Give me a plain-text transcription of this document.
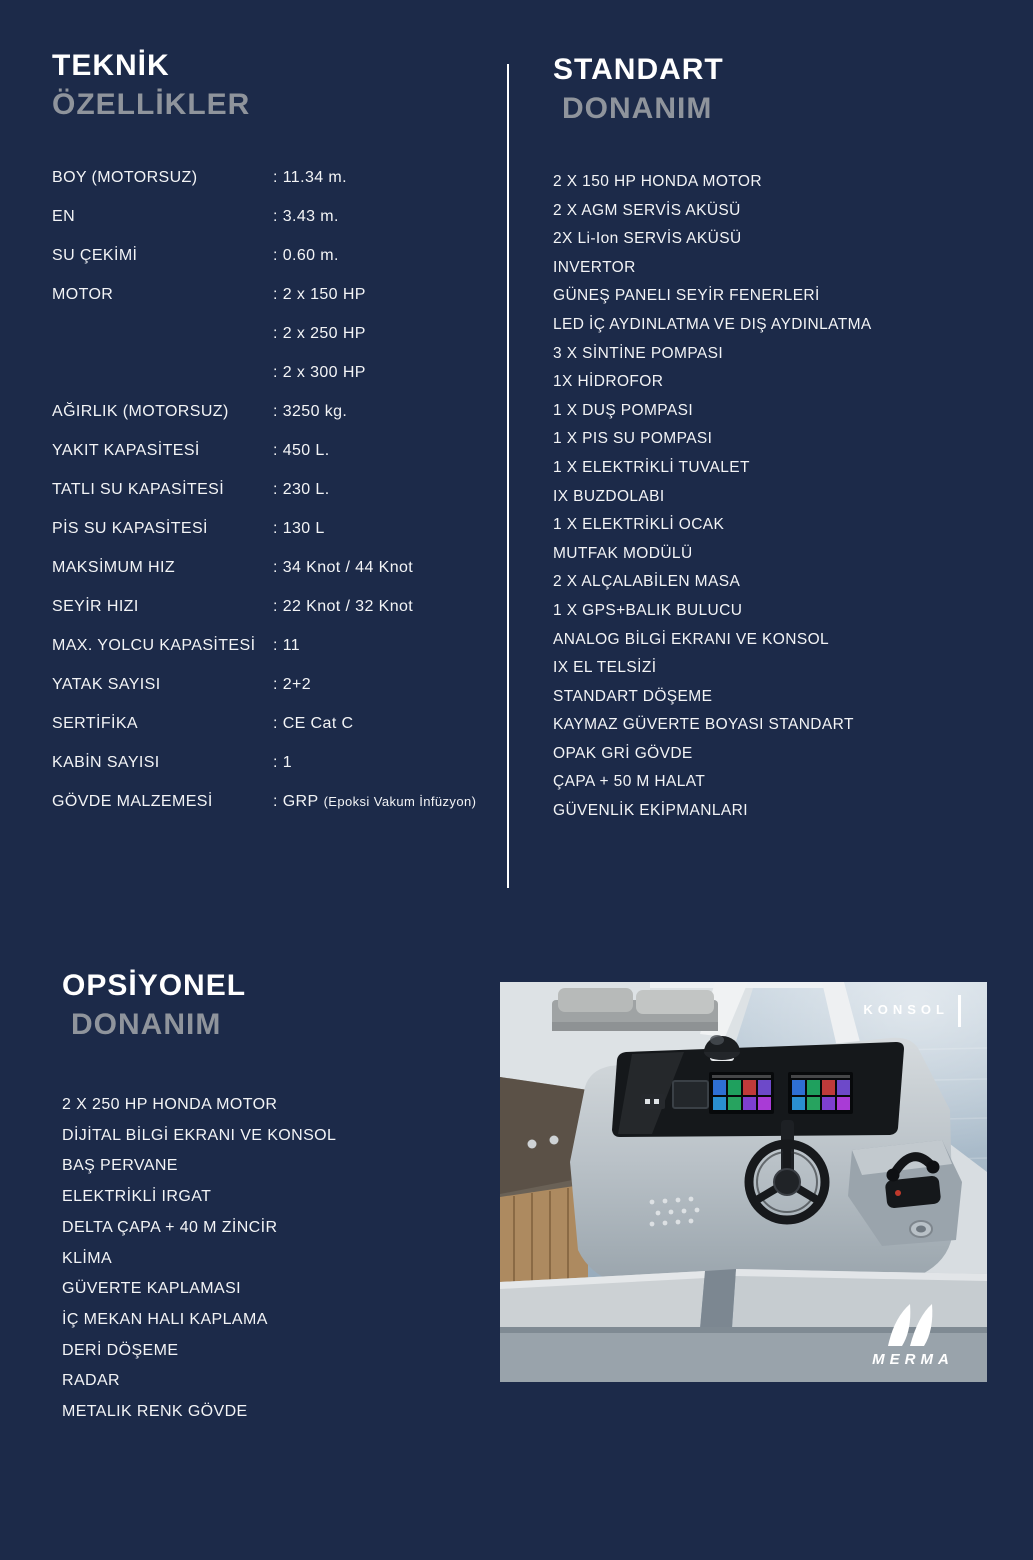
TEKNİK
ÖZELLİKLER
STANDART
DONANIM
BOY (MOTORSUZ)	: 11.34 m.
EN	: 3.43 m.
SU ÇEKİMİ	: 0.60 m.
MOTOR	: 2 x 150 HP
: 2 x 250 HP
: 2 x 300 HP
AĞIRLIK (MOTORSUZ)	: 3250 kg.
YAKIT KAPASİTESİ	: 450 L.
TATLI SU KAPASİTESİ	: 230 L.
PİS SU KAPASİTESİ	: 130 L
MAKSİMUM HIZ	: 34 Knot / 44 Knot
SEYİR HIZI	: 22 Knot / 32 Knot
MAX. YOLCU KAPASİTESİ	: 11
YATAK SAYISI	: 2+2
SERTİFİKA	: CE Cat C
KABİN SAYISI	: 1
GÖVDE MALZEMESİ	: GRP (Epoksi Vakum İnfüzyon)
2 X 150 HP HONDA MOTOR
2 X AGM SERVİS AKÜSÜ
2X Li-Ion SERVİS AKÜSÜ
INVERTOR
GÜNEŞ PANELI SEYİR FENERLERİ
LED İÇ AYDINLATMA VE DIŞ AYDINLATMA
3 X SİNTİNE POMPASI
1X HİDROFOR
1 X DUŞ POMPASI
1 X PIS SU POMPASI
1 X ELEKTRİKLİ TUVALET
IX BUZDOLABI
1 X ELEKTRİKLİ OCAK
MUTFAK MODÜLÜ
2 X ALÇALABİLEN MASA
1 X GPS+BALIK BULUCU
ANALOG BİLGİ EKRANI VE KONSOL
IX EL TELSİZİ
STANDART DÖŞEME
KAYMAZ GÜVERTE BOYASI STANDART
OPAK GRİ GÖVDE
ÇAPA + 50 M HALAT
GÜVENLİK EKİPMANLARI
OPSİYONEL
DONANIM
2 X 250 HP HONDA MOTOR
DİJİTAL BİLGİ EKRANI VE KONSOL
BAŞ PERVANE
ELEKTRİKLİ IRGAT
DELTA ÇAPA + 40 M ZİNCİR
KLİMA
GÜVERTE KAPLAMASI
İÇ MEKAN HALI KAPLAMA
DERİ DÖŞEME
RADAR
METALIK RENK GÖVDE
KONSOL
MERMA
